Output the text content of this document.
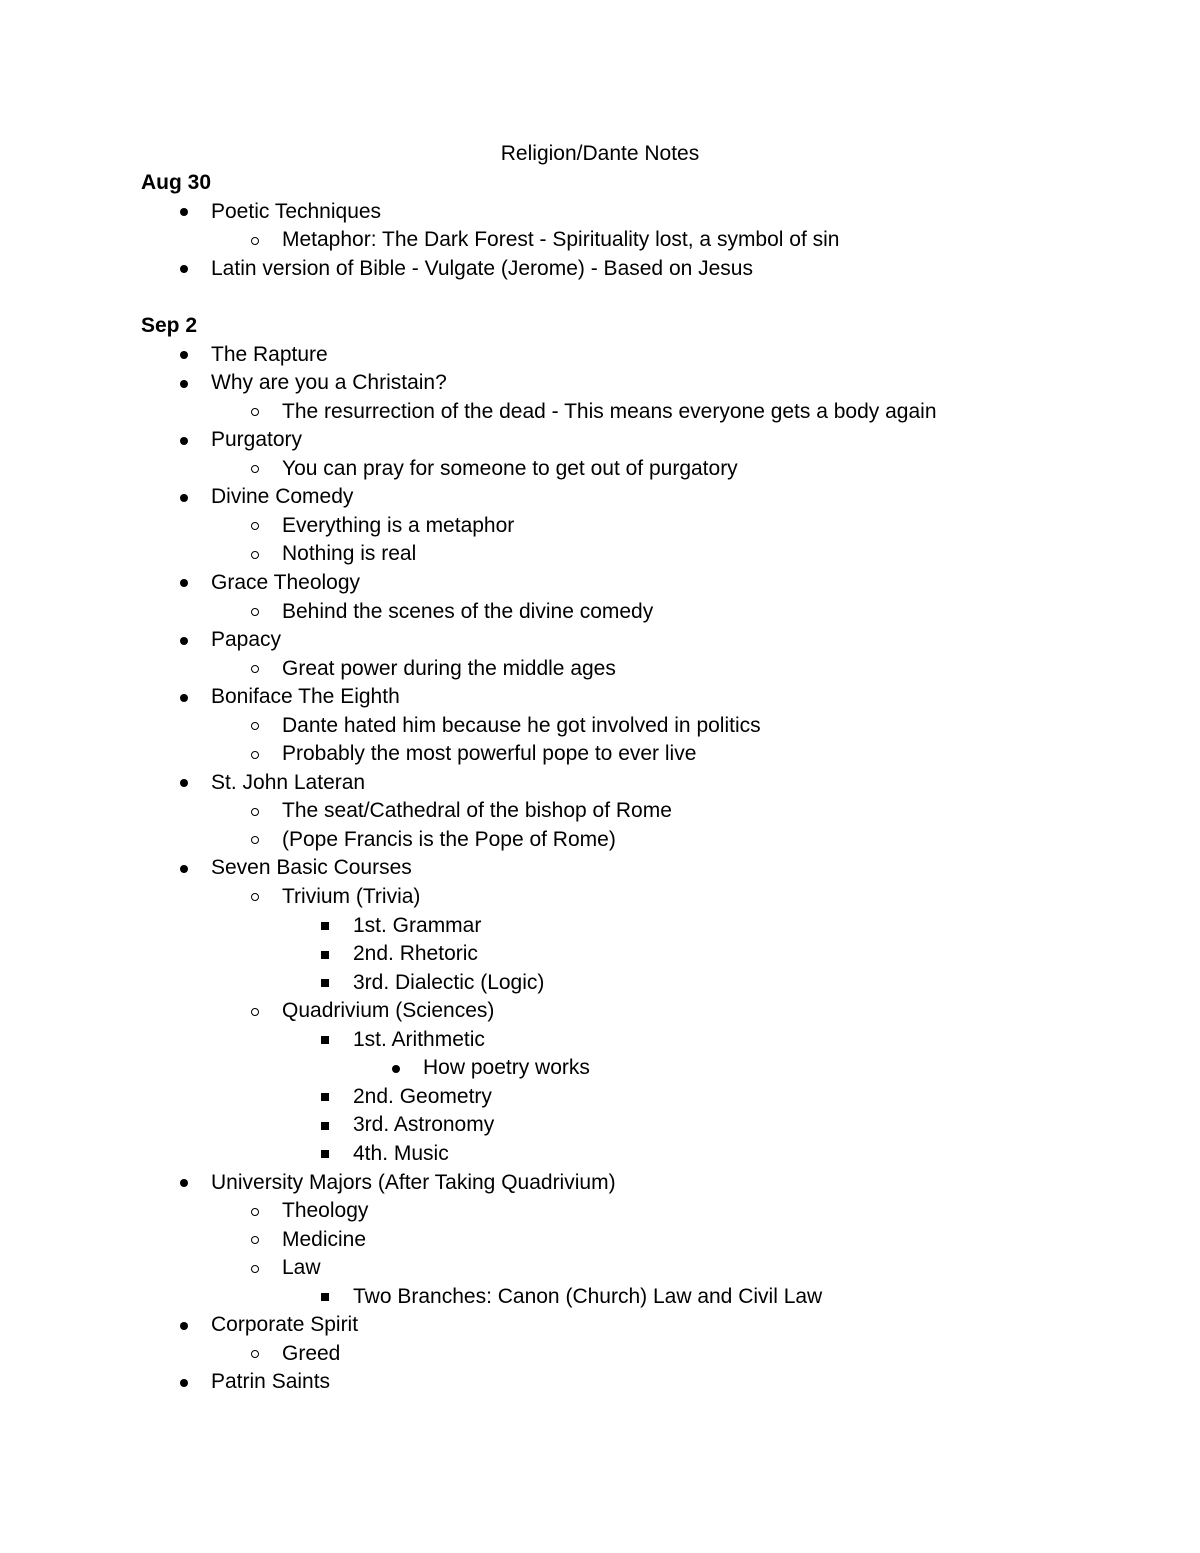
Religion/Dante Notes
Aug 30
Poetic Techniques
Metaphor: The Dark Forest - Spirituality lost, a symbol of sin
Latin version of Bible - Vulgate (Jerome) - Based on Jesus
Sep 2
The Rapture
Why are you a Christain?
The resurrection of the dead - This means everyone gets a body again
Purgatory
You can pray for someone to get out of purgatory
Divine Comedy
Everything is a metaphor
Nothing is real
Grace Theology
Behind the scenes of the divine comedy
Papacy
Great power during the middle ages
Boniface The Eighth
Dante hated him because he got involved in politics
Probably the most powerful pope to ever live
St. John Lateran
The seat/Cathedral of the bishop of Rome
(Pope Francis is the Pope of Rome)
Seven Basic Courses
Trivium (Trivia)
1st. Grammar
2nd. Rhetoric
3rd. Dialectic (Logic)
Quadrivium (Sciences)
1st. Arithmetic
How poetry works
2nd. Geometry
3rd. Astronomy
4th. Music
University Majors (After Taking Quadrivium)
Theology
Medicine
Law
Two Branches: Canon (Church) Law and Civil Law
Corporate Spirit
Greed
Patrin Saints
